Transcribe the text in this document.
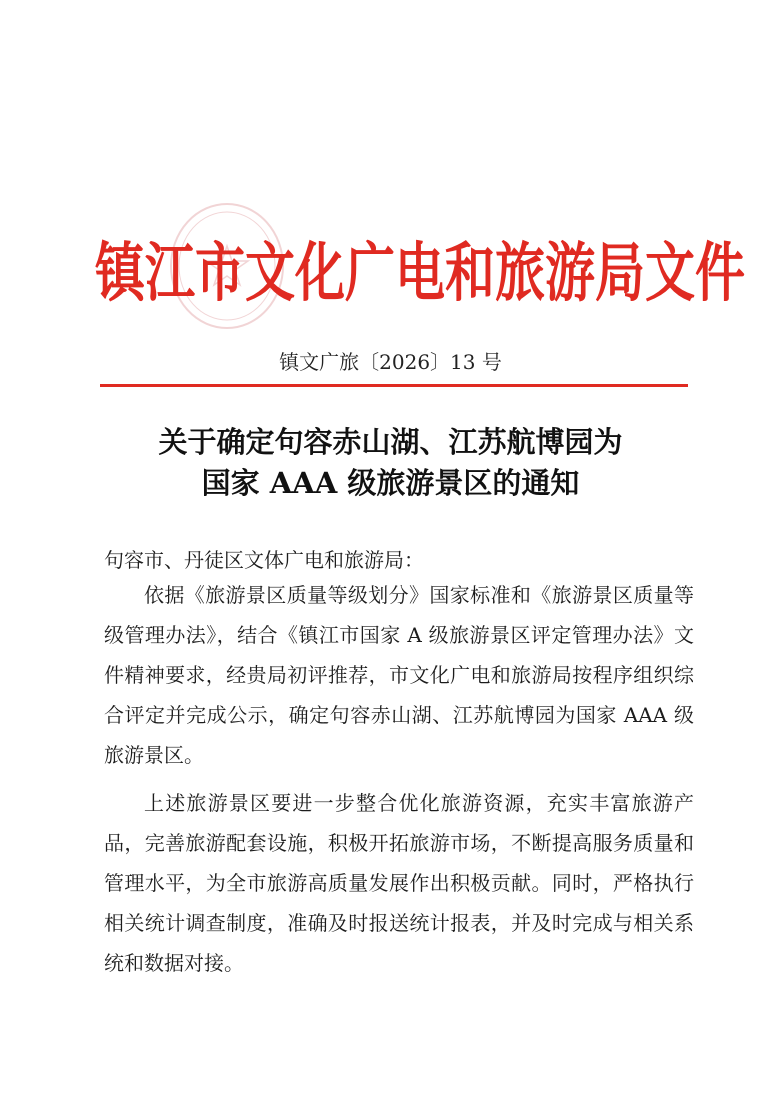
镇江市文化广电和旅游局文件
镇文广旅〔2026〕13 号
关于确定句容赤山湖、江苏航博园为
国家 AAA 级旅游景区的通知
句容市、丹徒区文体广电和旅游局：

依据《旅游景区质量等级划分》国家标准和《旅游景区质量等级管理办法》，结合《镇江市国家 A 级旅游景区评定管理办法》文件精神要求，经贵局初评推荐，市文化广电和旅游局按程序组织综合评定并完成公示，确定句容赤山湖、江苏航博园为国家 AAA 级旅游景区。

上述旅游景区要进一步整合优化旅游资源，充实丰富旅游产品，完善旅游配套设施，积极开拓旅游市场，不断提高服务质量和管理水平，为全市旅游高质量发展作出积极贡献。同时，严格执行相关统计调查制度，准确及时报送统计报表，并及时完成与相关系统和数据对接。
